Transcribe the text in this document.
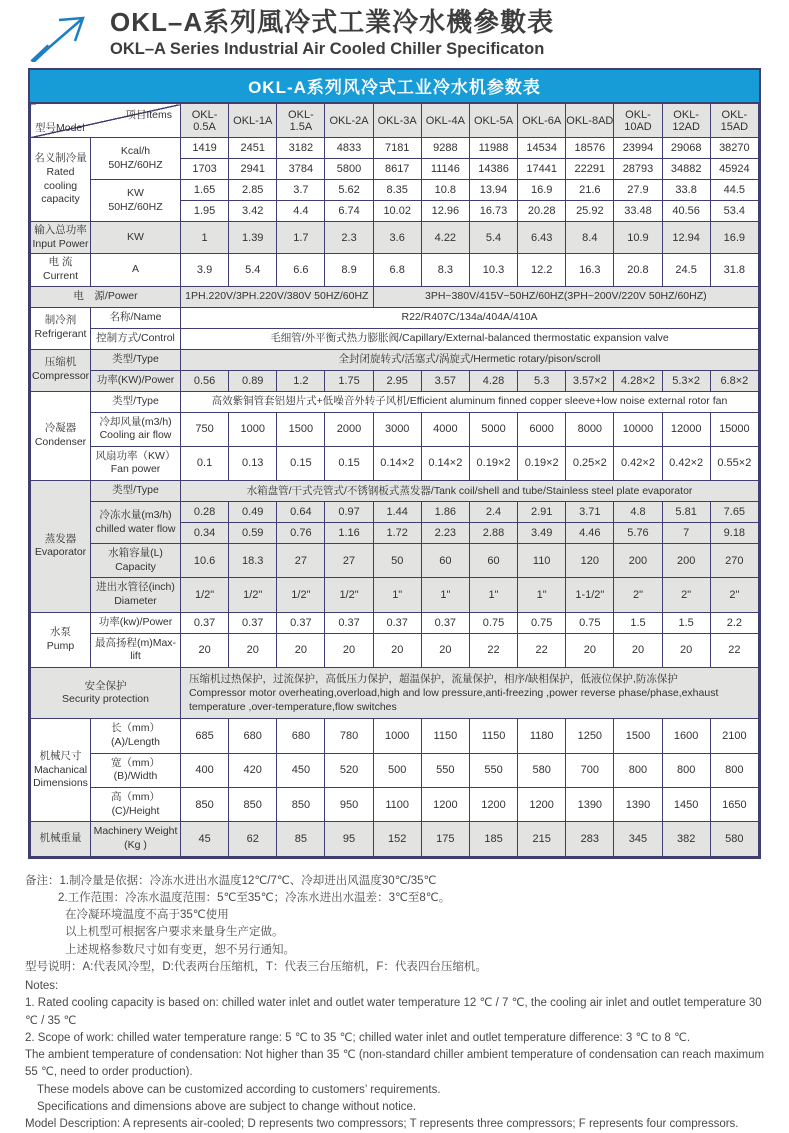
OKL–A系列風冷式工業冷水機參數表
OKL–A Series Industrial Air Cooled Chiller Specificaton
OKL-A系列风冷式工业冷水机参数表
型号Model
项目Items		OKL-0.5A	OKL-1A	OKL-1.5A	OKL-2A	OKL-3A	OKL-4A	OKL-5A	OKL-6A	OKL-8AD	OKL-10AD	OKL-12AD	OKL-15AD

名义制冷量
Rated
cooling
capacity

Kcal/h
50HZ/60HZ
	1419	2451	3182	4833	7181	9288	11988	14534	18576	23994	29068	38270
		1703	2941	3784	5800	8617	11146	14386	17441	22291	28793	34882	45924

	KW
50HZ/60HZ	1.65	2.85	3.7	5.62	8.35	10.8	13.94	16.9	21.6	27.9	33.8	44.5
		1.95	3.42	4.4	6.74	10.02	12.96	16.73	20.28	25.92	33.48	40.56	53.4

输入总功率
Input Power	KW	1	1.39	1.7	2.3	3.6	4.22	5.4	6.43	8.4	10.9	12.94	16.9

电 流
Current	A	3.9	5.4	6.6	8.9	6.8	8.3	10.3	12.2	16.3	20.8	24.5	31.8

电　源/Power		1PH.220V/3PH.220V/380V 50HZ/60HZ				3PH~380V/415V~50HZ/60HZ(3PH~200V/220V 50HZ/60HZ)							

制冷剂
Refrigerant	名称/Name	R22/R407C/134a/404A/410A											

	控制方式/Control	毛细管/外平衡式热力膨胀阀/Capillary/External-balanced thermostatic expansion valve											

压缩机
Compressor	类型/Type	全封闭旋转式/活塞式/涡旋式/Hermetic rotary/pison/scroll											

	功率(KW)/Power	0.56	0.89	1.2	1.75	2.95	3.57	4.28	5.3	3.57×2	4.28×2	5.3×2	6.8×2

冷凝器
Condenser	类型/Type	高效紫铜管套铝翅片式+低噪音外转子风机/Efficient aluminum finned copper sleeve+low noise external rotor fan											

	冷却风量(m3/h)
Cooling air flow	750	1000	1500	2000	3000	4000	5000	6000	8000	10000	12000	15000

	风扇功率（KW）
Fan power	0.1	0.13	0.15	0.15	0.14×2	0.14×2	0.19×2	0.19×2	0.25×2	0.42×2	0.42×2	0.55×2

蒸发器
Evaporator	类型/Type	水箱盘管/干式壳管式/不锈钢板式蒸发器/Tank coil/shell and tube/Stainless steel plate evaporator											

	冷冻水量(m3/h)
chilled water flow	0.28	0.49	0.64	0.97	1.44	1.86	2.4	2.91	3.71	4.8	5.81	7.65
		0.34	0.59	0.76	1.16	1.72	2.23	2.88	3.49	4.46	5.76	7	9.18

	水箱容量(L)
Capacity	10.6	18.3	27	27	50	60	60	110	120	200	200	270

	进出水管径(inch)
Diameter	1/2"	1/2"	1/2"	1/2"	1"	1"	1"	1"	1-1/2"	2"	2"	2"

水泵
Pump	功率(kw)/Power	0.37	0.37	0.37	0.37	0.37	0.37	0.75	0.75	0.75	1.5	1.5	2.2

	最高扬程(m)Max-lift	20	20	20	20	20	20	22	22	20	20	20	22

安全保护
Security protection

压缩机过热保护，过流保护，高低压力保护，超温保护，流量保护，相序/缺相保护，低液位保护,防冻保护
Compressor motor overheating,overload,high and low pressure,anti-freezing ,power reverse phase/phase,exhaust temperature ,over-temperature,flow switches

机械尺寸
Machanical
Dimensions	长（mm）(A)/Length	685	680	680	780	1000	1150	1150	1180	1250	1500	1600	2100

	宽（mm）(B)/Width	400	420	450	520	500	550	550	580	700	800	800	800

	高（mm）(C)/Height	850	850	850	950	1100	1200	1200	1200	1390	1390	1450	1650

机械重量	Machinery Weight
(Kg )	45	62	85	95	152	175	185	215	283	345	382	580
备注：1.制冷量是依据：冷冻水进出水温度12℃/7℃、冷却进出风温度30℃/35℃
2.工作范围：冷冻水温度范围：5℃至35℃；冷冻水进出水温差：3℃至8℃。
在冷凝环境温度不高于35℃使用
以上机型可根据客户要求来量身生产定做。
上述规格参数尺寸如有变更，恕不另行通知。
型号说明：A:代表风冷型，D:代表两台压缩机，T：代表三台压缩机，F：代表四台压缩机。
Notes:
1. Rated cooling capacity is based on: chilled water inlet and outlet water temperature 12 ℃ / 7 ℃, the cooling air inlet and outlet temperature 30 ℃ / 35 ℃
2. Scope of work: chilled water temperature range: 5 ℃ to 35 ℃; chilled water inlet and outlet temperature difference: 3 ℃ to 8 ℃.
The ambient temperature of condensation: Not higher than 35 ℃ (non-standard chiller ambient temperature of condensation can reach maximum 55 ℃, need to order production).
These models above can be customized according to customers’ requirements.
Specifications and dimensions above are subject to change without notice.
Model Description: A represents air-cooled; D represents two compressors; T represents three compressors; F represents four compressors.
